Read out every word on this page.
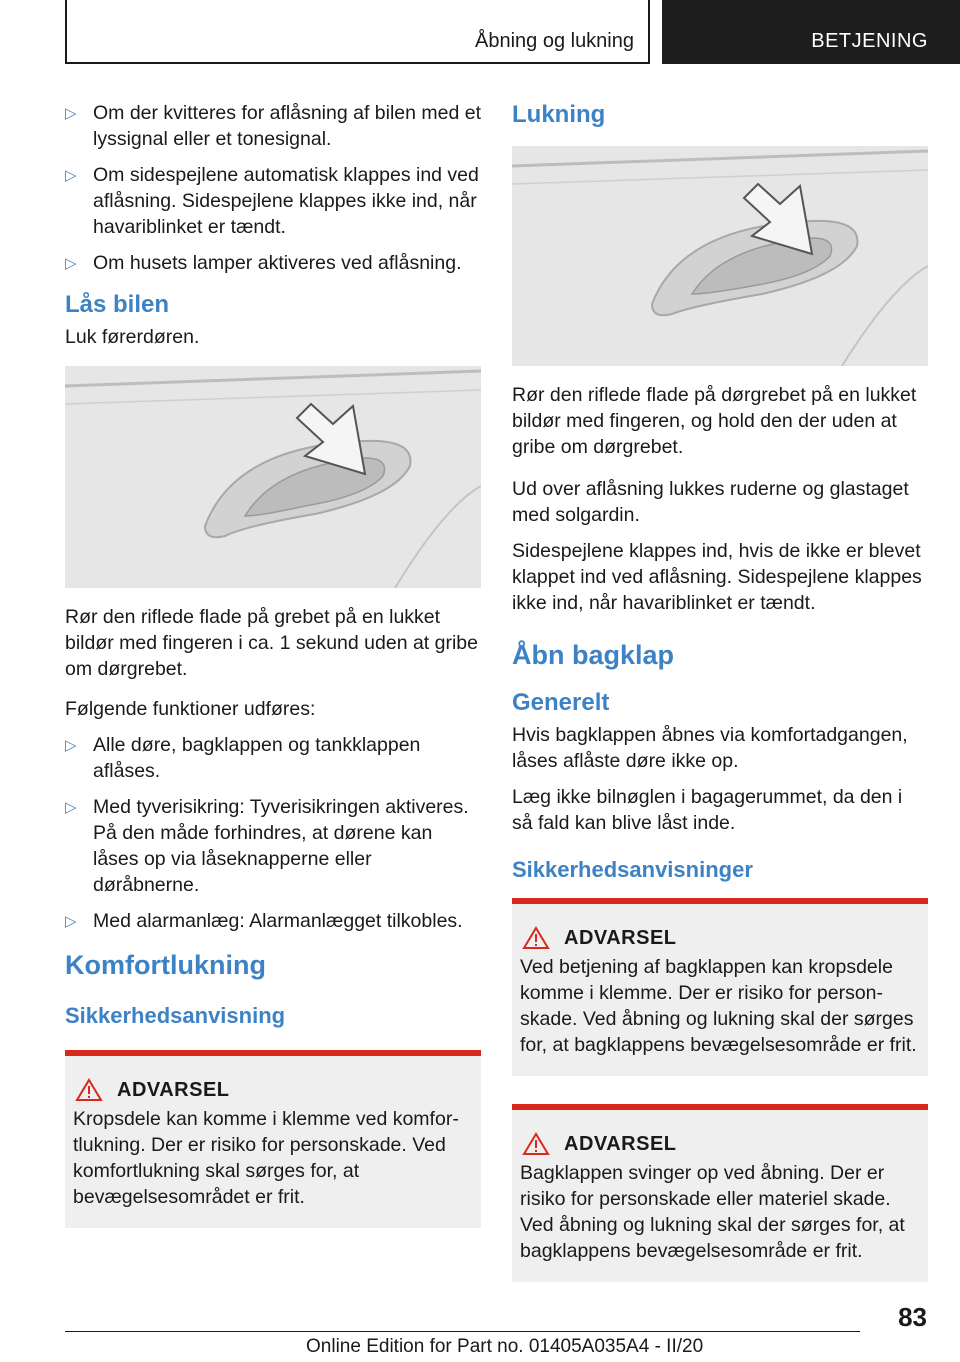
Åbning og lukning	BETJENING
▷ Om der kvitteres for aflåsning af bilen med et lyssignal eller et tonesignal.
▷ Om sidespejlene automatisk klappes ind ved aflåsning. Sidespejlene klappes ikke ind, når havariblinket er tændt.
▷ Om husets lamper aktiveres ved aflåsning.
Lås bilen

Luk førerdøren.

Rør den riflede flade på grebet på en lukket bildør med fingeren i ca. 1 sekund uden at gribe om dørgrebet.

Følgende funktioner udføres:

▷ Alle døre, bagklappen og tankklappen aflåses.
▷ Med tyverisikring: Tyverisikringen aktiveres. På den måde forhindres, at dørene kan låses op via låseknapperne eller døråbnerne.
▷ Med alarmanlæg: Alarmanlægget tilkobles.
Komfortlukning
Sikkerhedsanvisning
ADVARSEL

Kropsdele kan komme i klemme ved komfortlukning. Der er risiko for personskade. Ved komfortlukning skal sørges for, at bevægelsesområdet er frit.

Lukning

Rør den riflede flade på dørgrebet på en lukket bildør med fingeren, og hold den der uden at gribe om dørgrebet.

Ud over aflåsning lukkes ruderne og glastaget med solgardin.

Sidespejlene klappes ind, hvis de ikke er blevet klappet ind ved aflåsning. Sidespejlene klappes ikke ind, når havariblinket er tændt.

Åbn bagklap
Generelt

Hvis bagklappen åbnes via komfortadgangen, låses aflåste døre ikke op.

Læg ikke bilnøglen i bagagerummet, da den i så fald kan blive låst inde.

Sikkerhedsanvisninger
ADVARSEL

Ved betjening af bagklappen kan kropsdele komme i klemme. Der er risiko for personskade. Ved åbning og lukning skal der sørges for, at bagklappens bevægelsesområde er frit.

ADVARSEL

Bagklappen svinger op ved åbning. Der er risiko for personskade eller materiel skade. Ved åbning og lukning skal der sørges for, at bagklappens bevægelsesområde er frit.

83
Online Edition for Part no. 01405A035A4 - II/20
